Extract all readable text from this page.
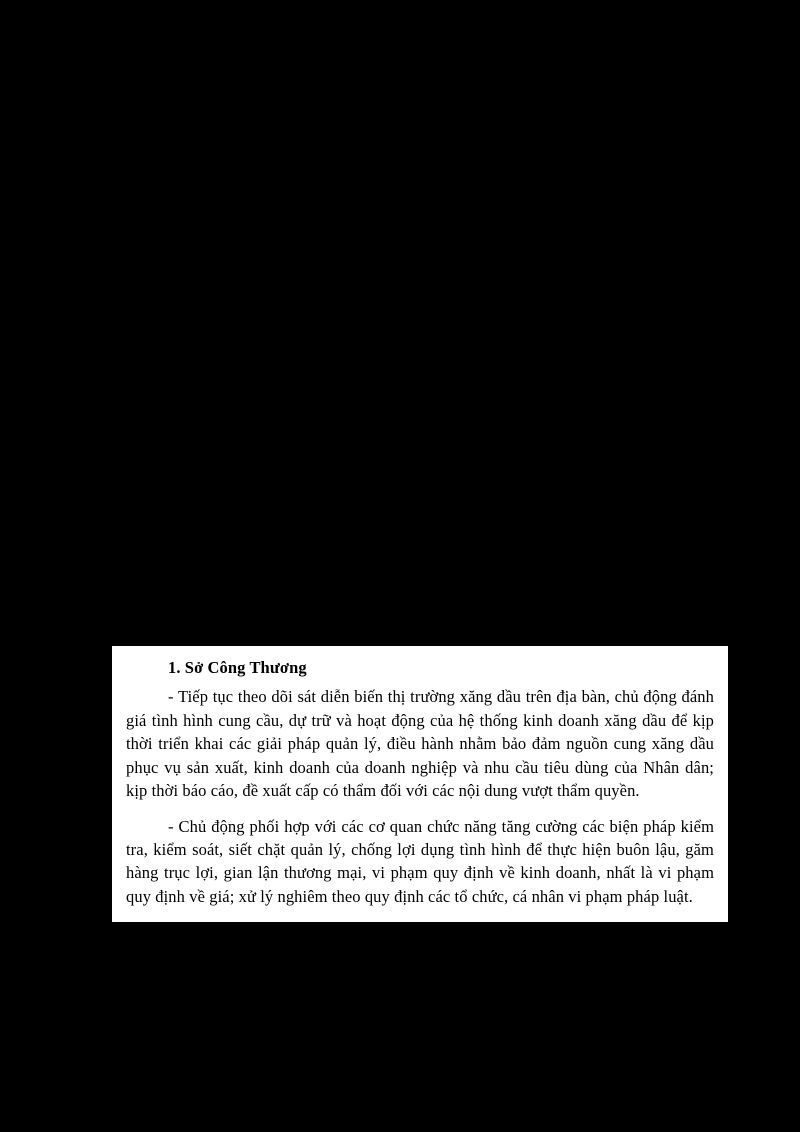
1. Sở Công Thương

- Tiếp tục theo dõi sát diễn biến thị trường xăng dầu trên địa bàn, chủ động đánh giá tình hình cung cầu, dự trữ và hoạt động của hệ thống kinh doanh xăng dầu để kịp thời triển khai các giải pháp quản lý, điều hành nhằm bảo đảm nguồn cung xăng dầu phục vụ sản xuất, kinh doanh của doanh nghiệp và nhu cầu tiêu dùng của Nhân dân; kịp thời báo cáo, đề xuất cấp có thẩm đối với các nội dung vượt thẩm quyền.

- Chủ động phối hợp với các cơ quan chức năng tăng cường các biện pháp kiểm tra, kiểm soát, siết chặt quản lý, chống lợi dụng tình hình để thực hiện buôn lậu, găm hàng trục lợi, gian lận thương mại, vi phạm quy định về kinh doanh, nhất là vi phạm quy định về giá; xử lý nghiêm theo quy định các tổ chức, cá nhân vi phạm pháp luật.
